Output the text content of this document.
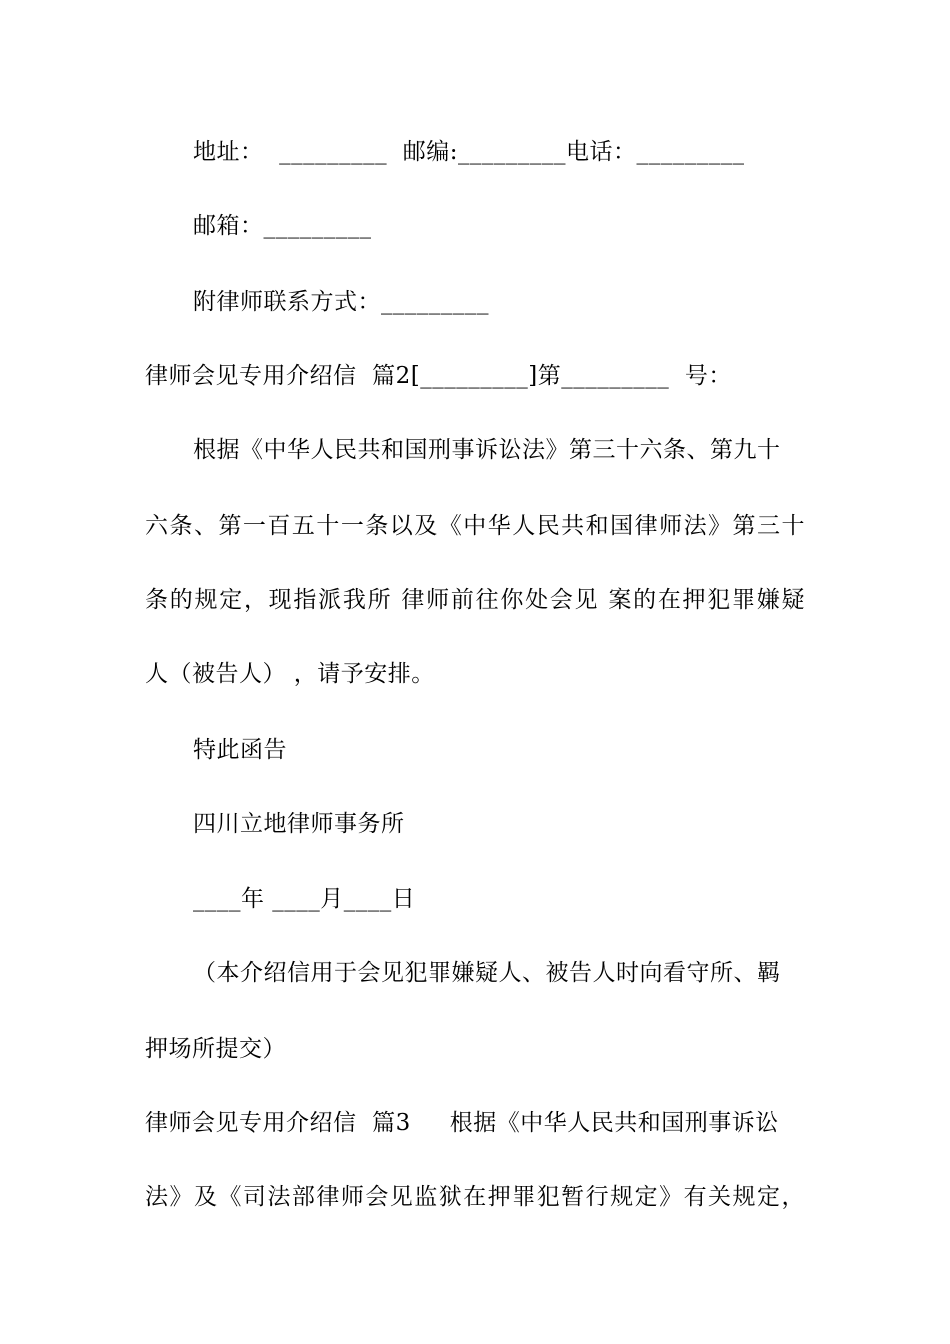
地址：  _________  邮编:_________电话：_________
邮箱：_________
附律师联系方式：_________
律师会见专用介绍信  篇2[_________]第_________  号：
根据《中华人民共和国刑事诉讼法》第三十六条、第九十
六条、第一百五十一条以及《中华人民共和国律师法》第三十
条的规定，现指派我所 律师前往你处会见 案的在押犯罪嫌疑
人（被告人） ，请予安排。
特此函告
四川立地律师事务所
____年 ____月____日
（本介绍信用于会见犯罪嫌疑人、被告人时向看守所、羁
押场所提交）
律师会见专用介绍信  篇3     根据《中华人民共和国刑事诉讼
法》及《司法部律师会见监狱在押罪犯暂行规定》有关规定，
